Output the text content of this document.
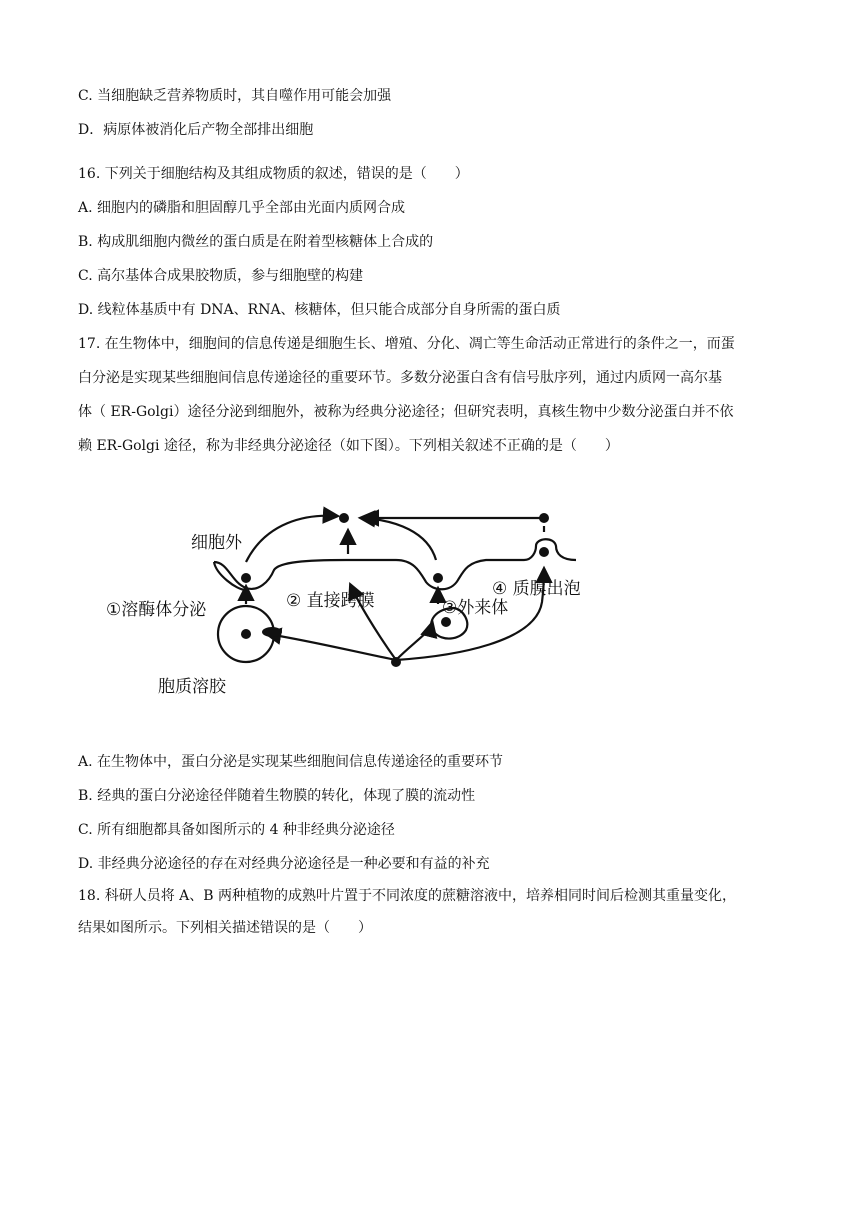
C. 当细胞缺乏营养物质时，其自噬作用可能会加强
D．病原体被消化后产物全部排出细胞
16. 下列关于细胞结构及其组成物质的叙述，错误的是（　　）
A. 细胞内的磷脂和胆固醇几乎全部由光面内质网合成
B. 构成肌细胞内微丝的蛋白质是在附着型核糖体上合成的
C. 高尔基体合成果胶物质，参与细胞壁的构建
D. 线粒体基质中有 DNA、RNA、核糖体，但只能合成部分自身所需的蛋白质
17. 在生物体中，细胞间的信息传递是细胞生长、增殖、分化、凋亡等生命活动正常进行的条件之一，而蛋
白分泌是实现某些细胞间信息传递途径的重要环节。多数分泌蛋白含有信号肽序列，通过内质网一高尔基
体（ ER-Golgi）途径分泌到细胞外，被称为经典分泌途径；但研究表明，真核生物中少数分泌蛋白并不依
赖 ER-Golgi 途径，称为非经典分泌途径（如下图）。下列相关叙述不正确的是（　　）
细胞外
①溶酶体分泌	② 直接跨膜	③外来体
④ 质膜出泡
胞质溶胶
A. 在生物体中，蛋白分泌是实现某些细胞间信息传递途径的重要环节
B. 经典的蛋白分泌途径伴随着生物膜的转化，体现了膜的流动性
C. 所有细胞都具备如图所示的 4 种非经典分泌途径
D. 非经典分泌途径的存在对经典分泌途径是一种必要和有益的补充
18. 科研人员将 A、B 两种植物的成熟叶片置于不同浓度的蔗糖溶液中，培养相同时间后检测其重量变化，
结果如图所示。下列相关描述错误的是（　　）
